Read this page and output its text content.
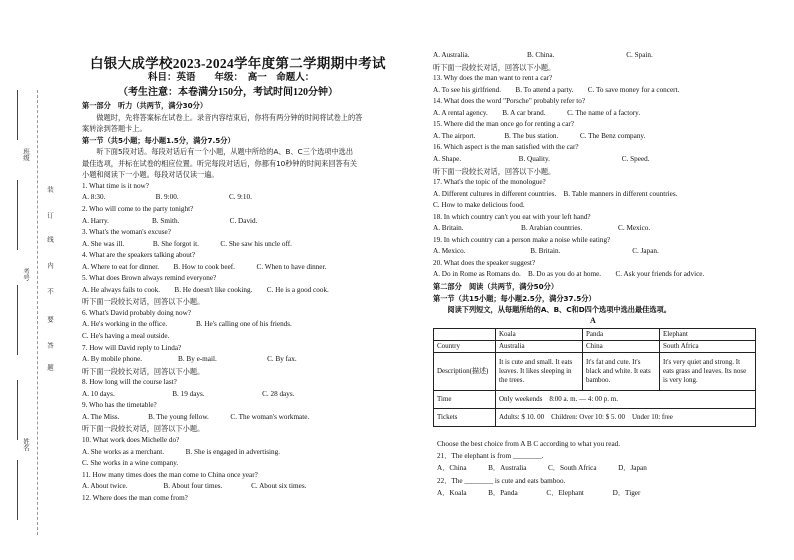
白银大成学校2023-2024学年度第二学期期中考试
科目：英语　　年级：　高一　命题人：
（考生注意：本卷满分150分，考试时间120分钟）
班级
装
订
线
内
不
要
答
题
考号
姓名
第一部分　听力（共两节，满分30分）
　　做题时，先将答案标在试卷上。录音内容结束后，你将有两分钟的时间将试卷上的答
案转涂到答题卡上。
第一节（共5小题；每小题1.5分，满分7.5分）
　　听下面5段对话。每段对话后有一个小题，从题中所给的A、B、C三个选项中选出
最佳选项，并标在试卷的相应位置。听完每段对话后，你都有10秒钟的时间来回答有关
小题和阅读下一小题。每段对话仅读一遍。
1. What time is it now?
A. 8:30.　　　　　　　B. 9:00.　　　　　　　C. 9:10.
2. Who will come to the party tonight?
A. Harry.　　　　　　B. Smith.　　　　　　　C. David.
3. What's the woman's excuse?
A. She was ill.　　　　B. She forgot it.　　　C. She saw his uncle off.
4. What are the speakers talking about?
A. Where to eat for dinner.　　B. How to cook beef.　　　C. When to have dinner.
5. What does Brown always remind everyone?
A. He always fails to cook.　　B. He doesn't like cooking.　　C. He is a good cook.
听下面一段较长对话，回答以下小题。
6. What's David probably doing now?
A. He's working in the office.　　　　B. He's calling one of his friends.
C. He's having a meal outside.
7. How will David reply to Linda?
A. By mobile phone.　　　　　B. By e-mail.　　　　　　　C. By fax.
听下面一段较长对话，回答以下小题。
8. How long will the course last?
A. 10 days.　　　　　　　　B. 19 days.　　　　　　　　C. 28 days.
9. Who has the timetable?
A. The Miss.　　　　B. The young fellow.　　　C. The woman's workmate.
听下面一段较长对话，回答以下小题。
10. What work does Michelle do?
A. She works as a merchant.　　　B. She is engaged in advertising.
C. She works in a wine company.
11. How many times does the man come to China once year?
A. About twice.　　　　　B. About four times.　　　　C. About six times.
12. Where does the man come from?
A. Australia.　　　　　　　　B. China.　　　　　　　　　　C. Spain.
听下面一段较长对话，回答以下小题。
13. Why does the man want to rent a car?
A. To see his girlfriend.　　B. To attend a party.　　C. To save money for a concert.
14. What does the word "Porsche" probably refer to?
A. A rental agency.　　B. A car brand.　　　C. The name of a factory.
15. Where did the man once go for renting a car?
A. The airport.　　　　B. The bus station.　　　C. The Benz company.
16. Which aspect is the man satisfied with the car?
A. Shape.　　　　　　　　B. Quality.　　　　　　　　　　C. Speed.
听下面一段较长对话，回答以下小题。
17. What's the topic of the monologue?
A. Different cultures in different countries.　B. Table manners in different countries.
C. How to make delicious food.
18. In which country can't you eat with your left hand?
A. Britain.　　　　　　　　B. Arabian countries.　　　　　C. Mexico.
19. In which country can a person make a noise while eating?
A. Mexico.　　　　　　　　　B. Britain.　　　　　　　　　　C. Japan.
20. What does the speaker suggest?
A. Do in Rome as Romans do.　B. Do as you do at home.　　C. Ask your friends for advice.
第二部分　阅读（共两节，满分50分）
第一节（共15小题；每小题2.5分，满分37.5分）
　　阅读下列短文，从每题所给的A、B、C和D四个选项中选出最佳选项。
A
	Koala	Panda	Elephant
Country	Australia	China	South Africa
Description(描述)	It is cute and small. It eats leaves. It likes sleeping in the trees.	It's fat and cute. It's black and white. It eats bamboo.	It's very quiet and strong. It eats grass and leaves. Its nose is very long.
Time	Only weekends　8:00 a. m. — 4: 00 p. m.		
Tickets	Adults: $ 10. 00　Children: Over 10: $ 5. 00　Under 10: free		
Choose the best choice from A B C according to what you read.
21．The elephant is from ________.
A．China　　　B．Australia　　　C．South Africa　　　D．Japan
22．The ________ is cute and eats bamboo.
A．Koala　　　B．Panda　　　　C．Elephant　　　　D．Tiger
